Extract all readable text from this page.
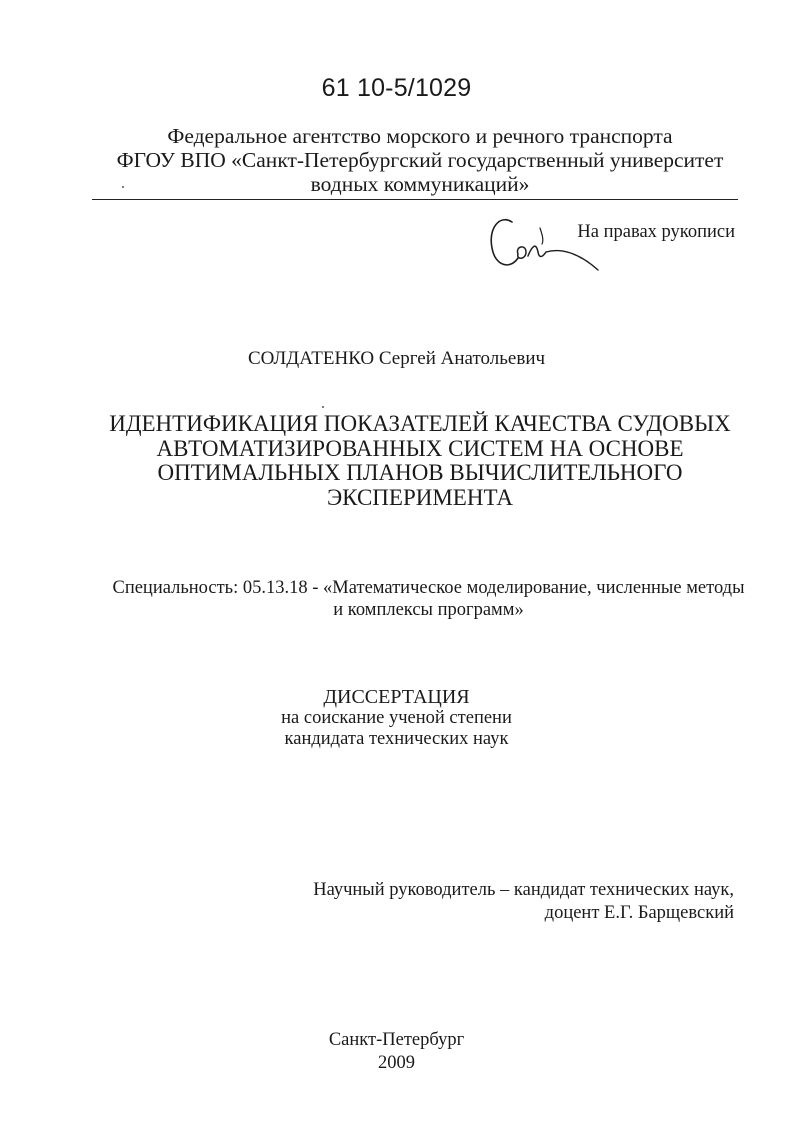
61 10-5/1029
Федеральное агентство морского и речного транспорта
ФГОУ ВПО «Санкт-Петербургский государственный университет
водных коммуникаций»
На правах рукописи
СОЛДАТЕНКО Сергей Анатольевич
ИДЕНТИФИКАЦИЯ ПОКАЗАТЕЛЕЙ КАЧЕСТВА СУДОВЫХ
АВТОМАТИЗИРОВАННЫХ СИСТЕМ НА ОСНОВЕ
ОПТИМАЛЬНЫХ ПЛАНОВ ВЫЧИСЛИТЕЛЬНОГО
ЭКСПЕРИМЕНТА
Специальность: 05.13.18 - «Математическое моделирование, численные методы
и комплексы программ»
ДИССЕРТАЦИЯ
на соискание ученой степени
кандидата технических наук
Научный руководитель – кандидат технических наук,
доцент Е.Г. Барщевский
Санкт-Петербург
2009
